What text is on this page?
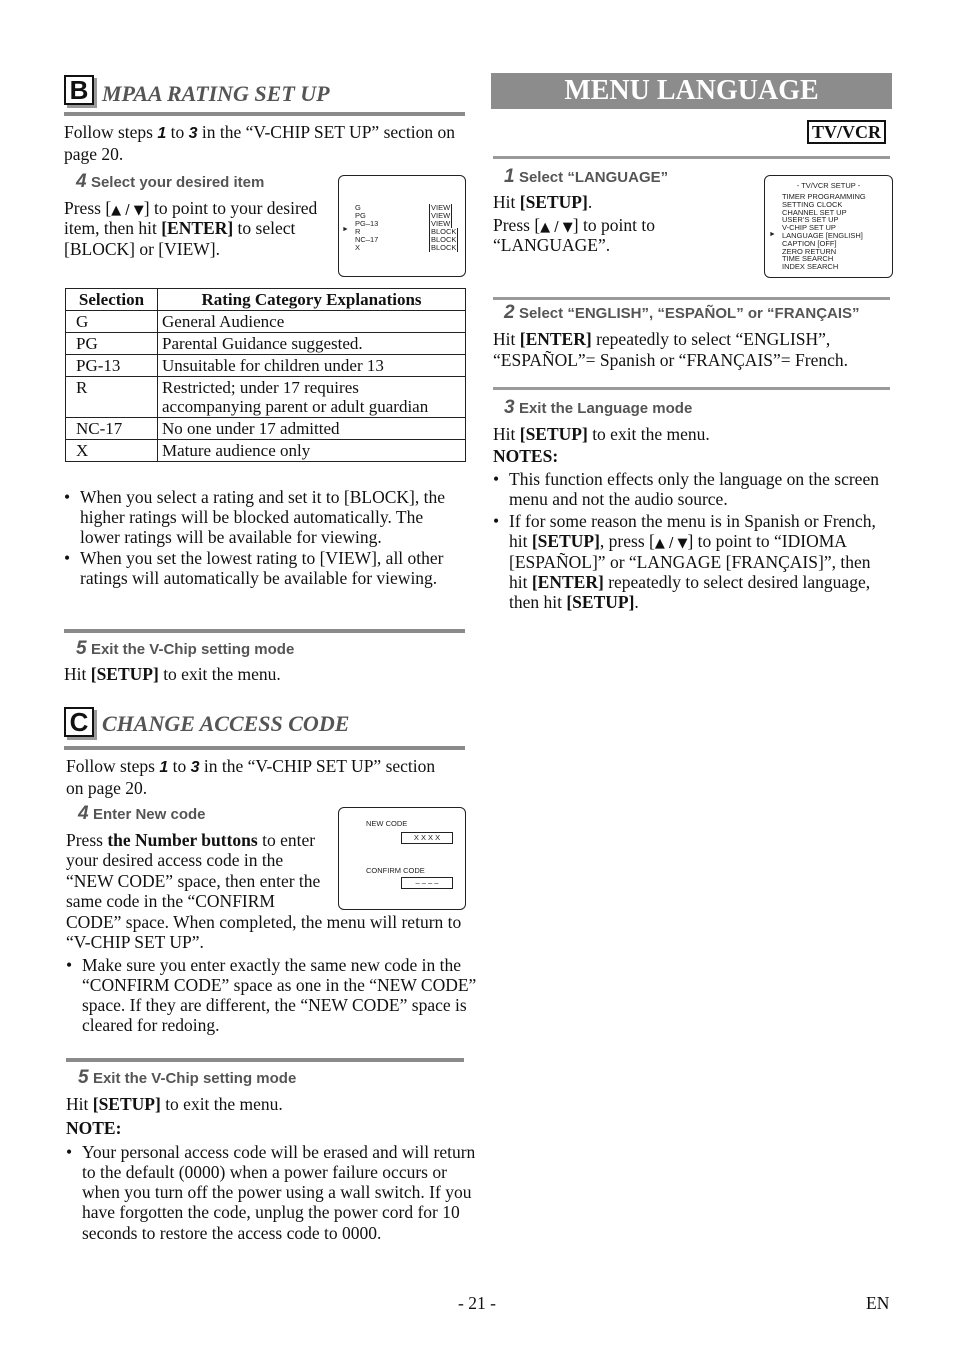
B MPAA RATING SET UP
Follow steps 1 to 3 in the “V-CHIP SET UP” section on page 20.
4 Select your desired item
Press [▲ / ▼] to point to your desired item, then hit [ENTER] to select [BLOCK] or [VIEW].
G	VIEW
PG	VIEW
PG–13	VIEW
R	BLOCK
NC–17	BLOCK
X	BLOCK
►
Selection	Rating Category Explanations
G	General Audience
PG	Parental Guidance suggested.
PG-13	Unsuitable for children under 13
R	Restricted; under 17 requires accompanying parent or adult guardian
NC-17	No one under 17 admitted
X	Mature audience only
• When you select a rating and set it to [BLOCK], the higher ratings will be blocked automatically. The lower ratings will be available for viewing.
• When you set the lowest rating to [VIEW], all other ratings will automatically be available for viewing.
5 Exit the V-Chip setting mode
Hit [SETUP] to exit the menu.
C CHANGE ACCESS CODE
Follow steps 1 to 3 in the “V-CHIP SET UP” section on page 20.
4 Enter New code
NEW CODE
X X X X
CONFIRM CODE
– – – –
Press the Number buttons to enter your desired access code in the “NEW CODE” space, then enter the same code in the “CONFIRM CODE” space. When completed, the menu will return to “V-CHIP SET UP”.
• Make sure you enter exactly the same new code in the “CONFIRM CODE” space as one in the “NEW CODE” space. If they are different, the “NEW CODE” space is cleared for redoing.
5 Exit the V-Chip setting mode
Hit [SETUP] to exit the menu.
NOTE:
• Your personal access code will be erased and will return to the default (0000) when a power failure occurs or when you turn off the power using a wall switch. If you have forgotten the code, unplug the power cord for 10 seconds to restore the access code to 0000.
MENU LANGUAGE
TV/VCR
1 Select “LANGUAGE”
Hit [SETUP].
Press [▲ / ▼] to point to “LANGUAGE”.
- TV/VCR SETUP -
TIMER PROGRAMMING
SETTING CLOCK
CHANNEL SET UP
USER’S SET UP
V-CHIP SET UP
LANGUAGE [ENGLISH]
CAPTION [OFF]
ZERO RETURN
TIME SEARCH
INDEX SEARCH
►
2 Select “ENGLISH”, “ESPAÑOL” or “FRANÇAIS”
Hit [ENTER] repeatedly to select “ENGLISH”, “ESPAÑOL”= Spanish or “FRANÇAIS”= French.
3 Exit the Language mode
Hit [SETUP] to exit the menu.
NOTES:
• This function effects only the language on the screen menu and not the audio source.
• If for some reason the menu is in Spanish or French, hit [SETUP], press [▲ / ▼] to point to “IDIOMA [ESPAÑOL]” or “LANGAGE [FRANÇAIS]”, then hit [ENTER] repeatedly to select desired language, then hit [SETUP].
- 21 -	EN
